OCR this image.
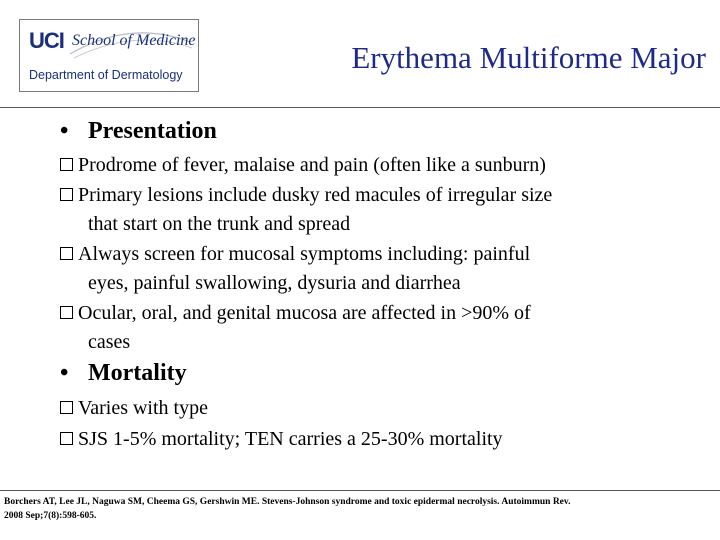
UCI School of Medicine
Department of Dermatology	Erythema Multiforme Major
• Presentation
Prodrome of fever, malaise and pain (often like a sunburn)
Primary lesions include dusky red macules of irregular size
that start on the trunk and spread
Always screen for mucosal symptoms including: painful
eyes, painful swallowing, dysuria and diarrhea
Ocular, oral, and genital mucosa are affected in >90% of
cases
• Mortality
Varies with type
SJS 1-5% mortality; TEN carries a 25-30% mortality
Borchers AT, Lee JL, Naguwa SM, Cheema GS, Gershwin ME. Stevens-Johnson syndrome and toxic epidermal necrolysis. Autoimmun Rev.
2008 Sep;7(8):598-605.
